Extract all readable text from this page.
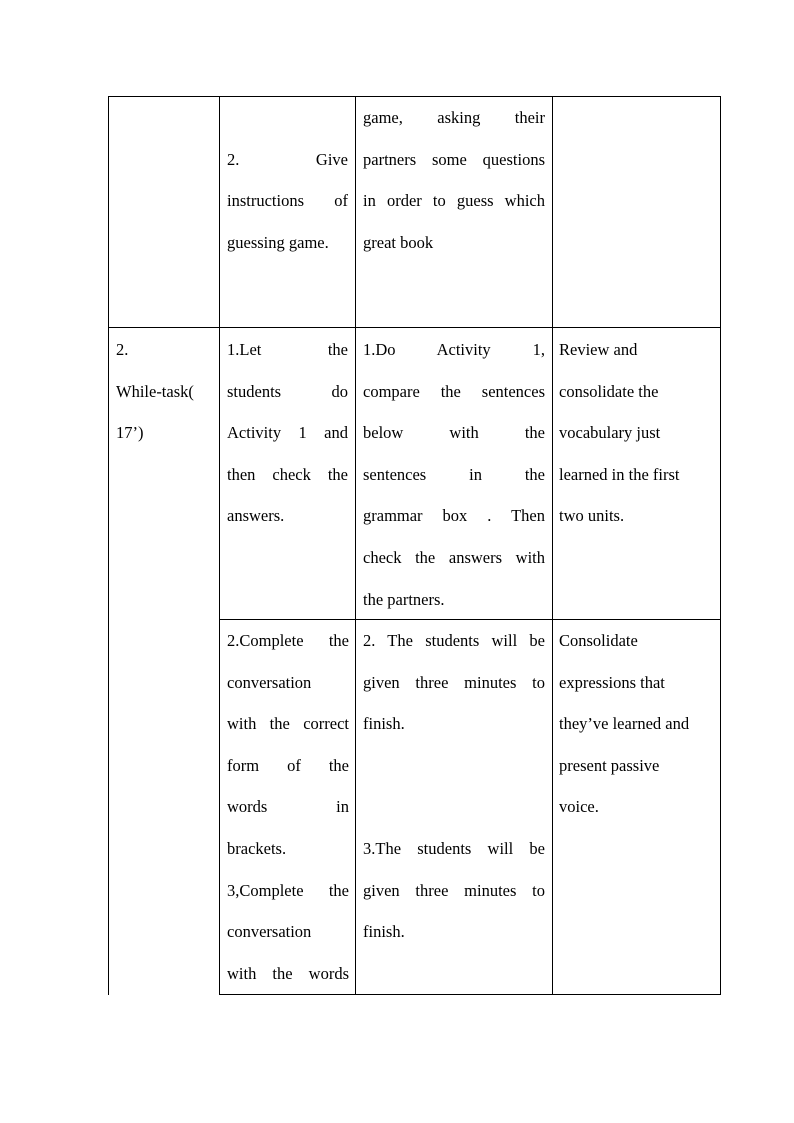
2. Give

instructions of

guessing game.

game, asking their

partners some questions

in order to guess which

great book

2.

While-task(

17’)

1.Let the

students do

Activity 1 and

then check the

answers.

1.Do Activity 1,

compare the sentences

below with the

sentences in the

grammar box . Then

check the answers with

the partners.

Review and

consolidate the

vocabulary just

learned in the first

two units.

2.Complete the

conversation

with the correct

form of the

words in

brackets.

3,Complete the

conversation

with the words

2. The students will be

given three minutes to

finish.

3.The students will be

given three minutes to

finish.

Consolidate

expressions that

they’ve learned and

present passive

voice.
